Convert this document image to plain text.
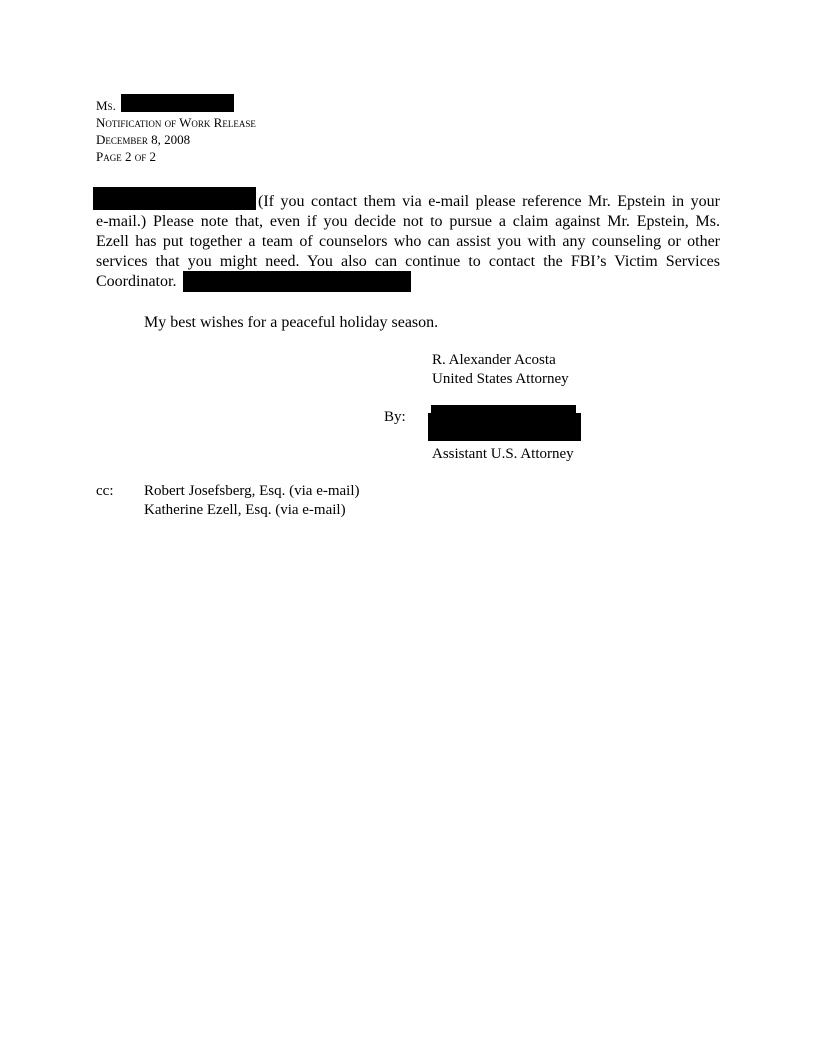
Ms.
Notification of Work Release
December 8, 2008
Page 2 of 2
(If you contact them via e-mail please reference Mr. Epstein in your
e-mail.) Please note that, even if you decide not to pursue a claim against Mr. Epstein, Ms.
Ezell has put together a team of counselors who can assist you with any counseling or other
services that you might need. You also can continue to contact the FBI’s Victim Services
Coordinator.
My best wishes for a peaceful holiday season.
R. Alexander Acosta
United States Attorney
By:
Assistant U.S. Attorney
cc: Robert Josefsberg, Esq. (via e-mail)
Katherine Ezell, Esq. (via e-mail)
